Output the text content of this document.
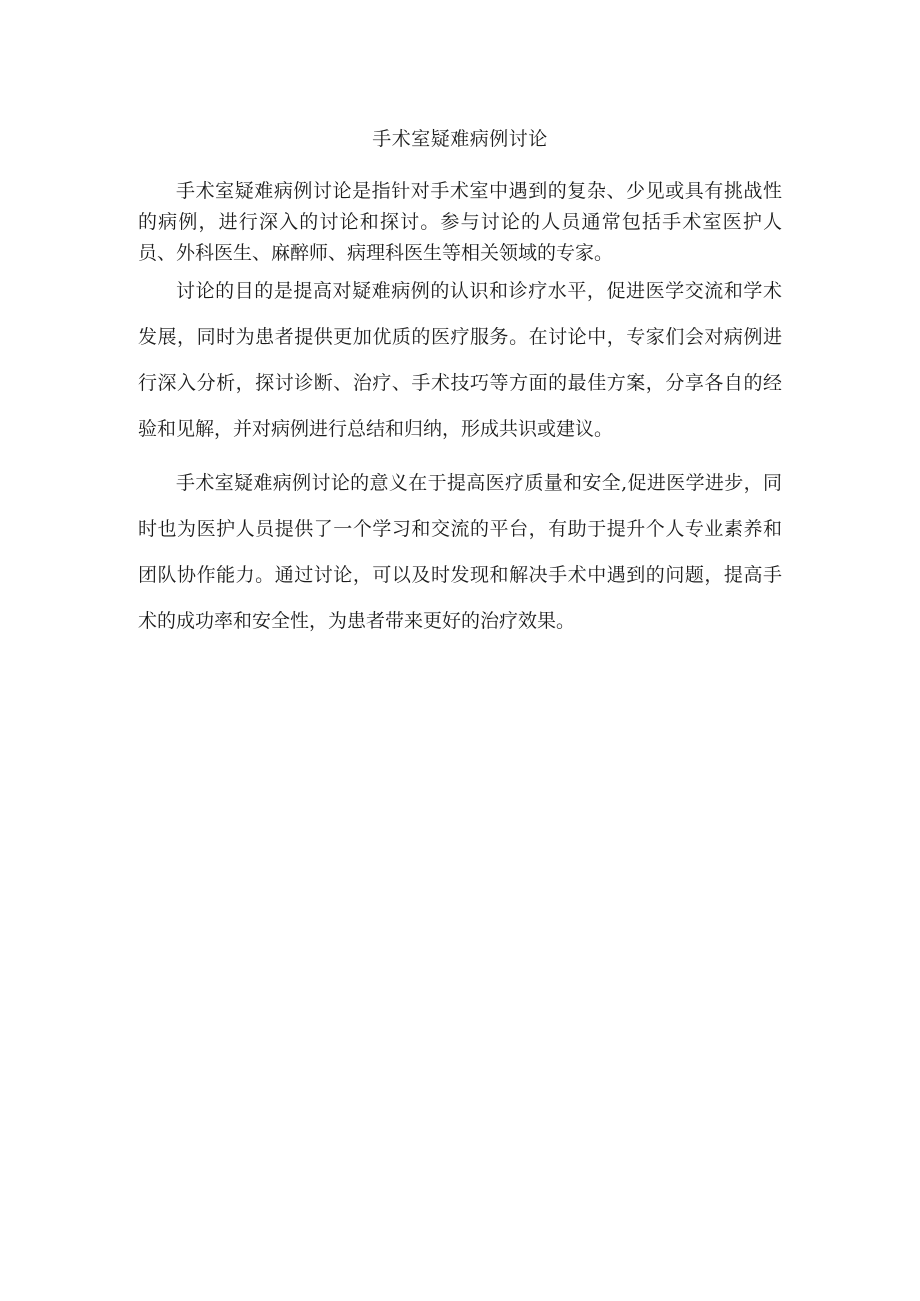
手术室疑难病例讨论

手术室疑难病例讨论是指针对手术室中遇到的复杂、少见或具有挑战性的病例，进行深入的讨论和探讨。参与讨论的人员通常包括手术室医护人员、外科医生、麻醉师、病理科医生等相关领域的专家。

讨论的目的是提高对疑难病例的认识和诊疗水平，促进医学交流和学术发展，同时为患者提供更加优质的医疗服务。在讨论中，专家们会对病例进行深入分析，探讨诊断、治疗、手术技巧等方面的最佳方案，分享各自的经验和见解，并对病例进行总结和归纳，形成共识或建议。

手术室疑难病例讨论的意义在于提高医疗质量和安全,促进医学进步，同时也为医护人员提供了一个学习和交流的平台，有助于提升个人专业素养和团队协作能力。通过讨论，可以及时发现和解决手术中遇到的问题，提高手术的成功率和安全性，为患者带来更好的治疗效果。
